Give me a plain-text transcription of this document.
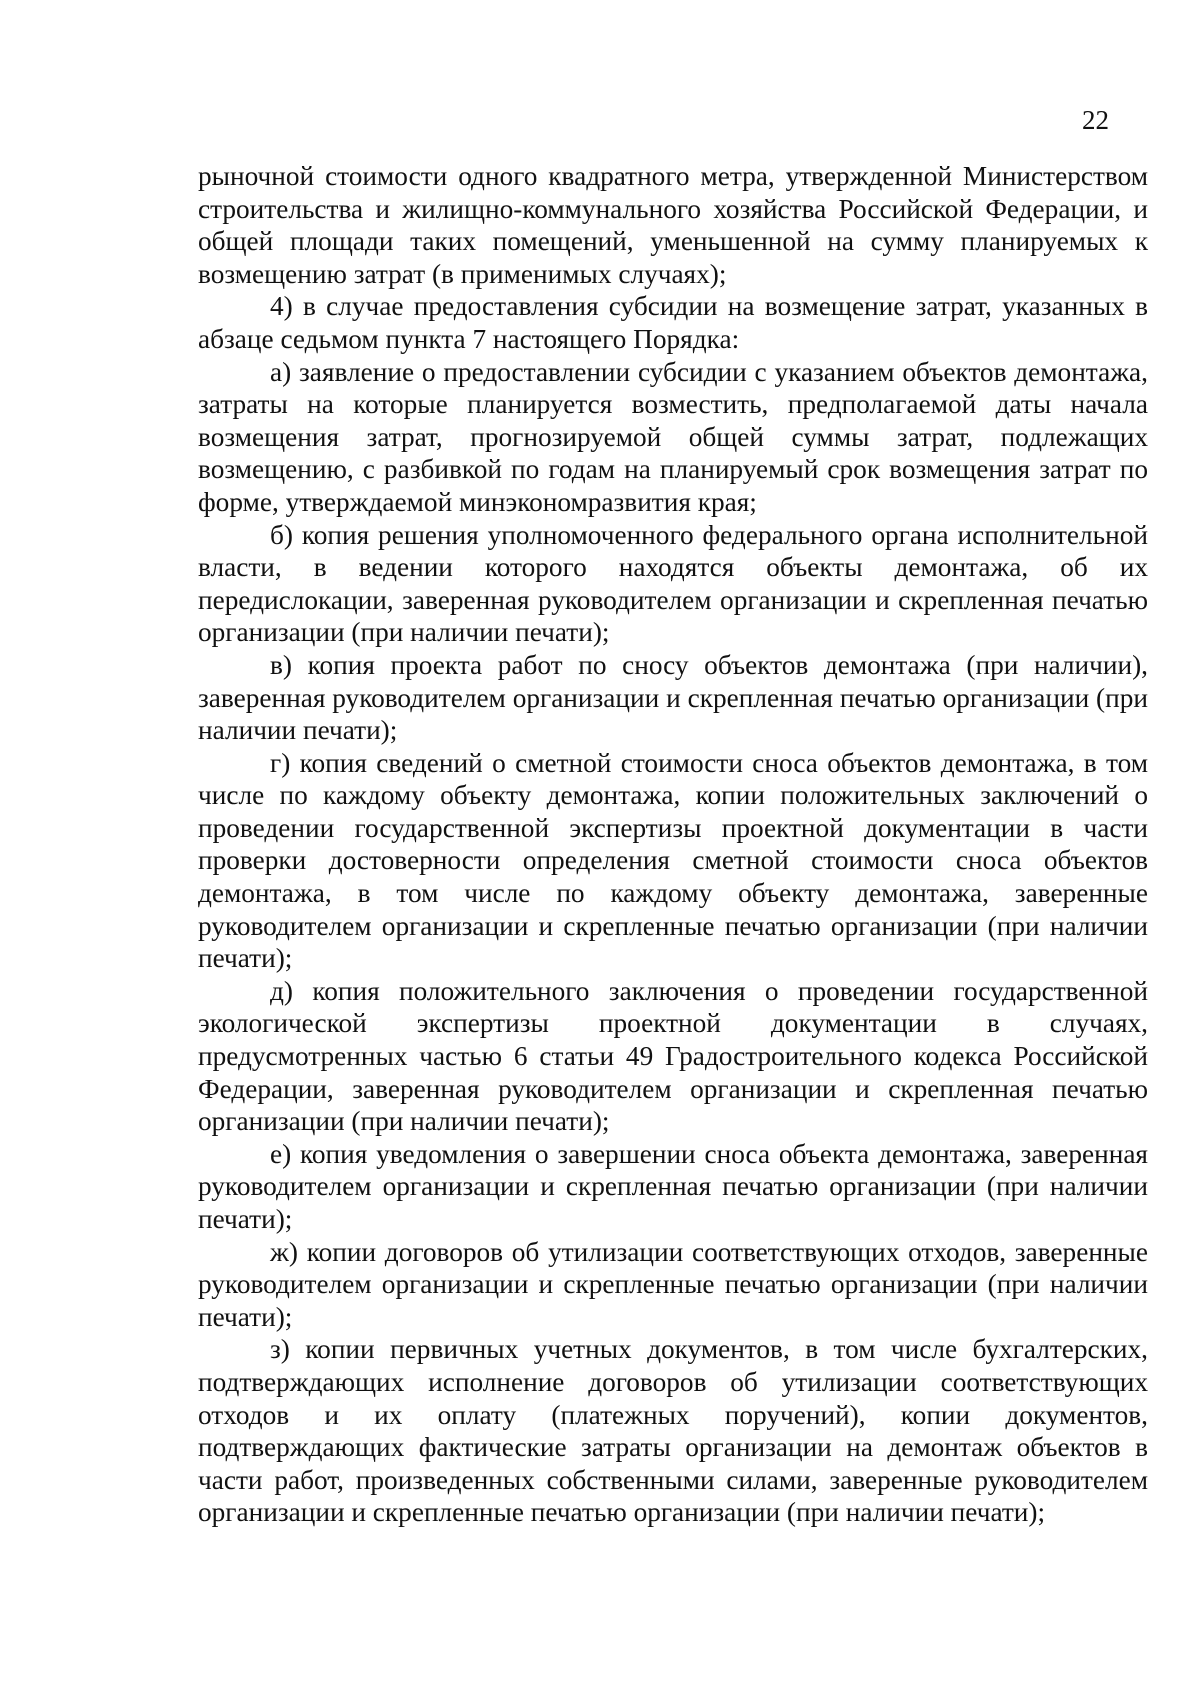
22

рыночной стоимости одного квадратного метра, утвержденной Министерством строительства и жилищно-коммунального хозяйства Российской Федерации, и общей площади таких помещений, уменьшенной на сумму планируемых к возмещению затрат (в применимых случаях);

4) в случае предоставления субсидии на возмещение затрат, указанных в абзаце седьмом пункта 7 настоящего Порядка:

а) заявление о предоставлении субсидии с указанием объектов демонтажа, затраты на которые планируется возместить, предполагаемой даты начала возмещения затрат, прогнозируемой общей суммы затрат, подлежащих возмещению, с разбивкой по годам на планируемый срок возмещения затрат по форме, утверждаемой минэкономразвития края;

б) копия решения уполномоченного федерального органа исполнительной власти, в ведении которого находятся объекты демонтажа, об их передислокации, заверенная руководителем организации и скрепленная печатью организации (при наличии печати);

в) копия проекта работ по сносу объектов демонтажа (при наличии), заверенная руководителем организации и скрепленная печатью организации (при наличии печати);

г) копия сведений о сметной стоимости сноса объектов демонтажа, в том числе по каждому объекту демонтажа, копии положительных заключений о проведении государственной экспертизы проектной документации в части проверки достоверности определения сметной стоимости сноса объектов демонтажа, в том числе по каждому объекту демонтажа, заверенные руководителем организации и скрепленные печатью организации (при наличии печати);

д) копия положительного заключения о проведении государственной экологической экспертизы проектной документации в случаях, предусмотренных частью 6 статьи 49 Градостроительного кодекса Российской Федерации, заверенная руководителем организации и скрепленная печатью организации (при наличии печати);

е) копия уведомления о завершении сноса объекта демонтажа, заверенная руководителем организации и скрепленная печатью организации (при наличии печати);

ж) копии договоров об утилизации соответствующих отходов, заверенные руководителем организации и скрепленные печатью организации (при наличии печати);

з) копии первичных учетных документов, в том числе бухгалтерских, подтверждающих исполнение договоров об утилизации соответствующих отходов и их оплату (платежных поручений), копии документов, подтверждающих фактические затраты организации на демонтаж объектов в части работ, произведенных собственными силами, заверенные руководителем организации и скрепленные печатью организации (при наличии печати);
